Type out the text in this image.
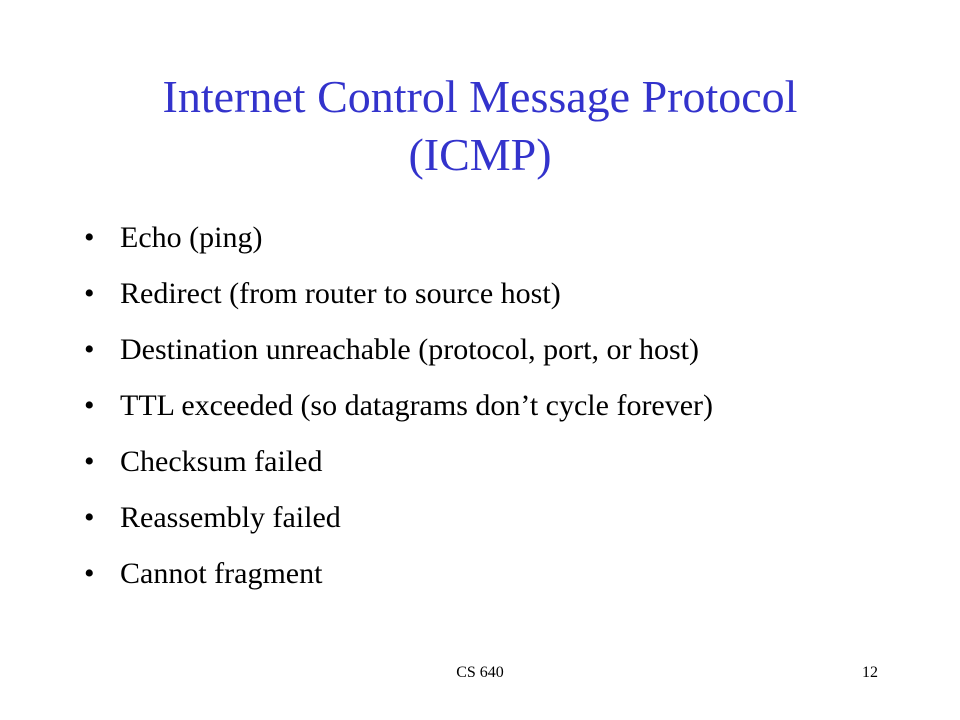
Internet Control Message Protocol
(ICMP)
• Echo (ping)
• Redirect (from router to source host)
• Destination unreachable (protocol, port, or host)
• TTL exceeded (so datagrams don’t cycle forever)
• Checksum failed
• Reassembly failed
• Cannot fragment
CS 640	12
